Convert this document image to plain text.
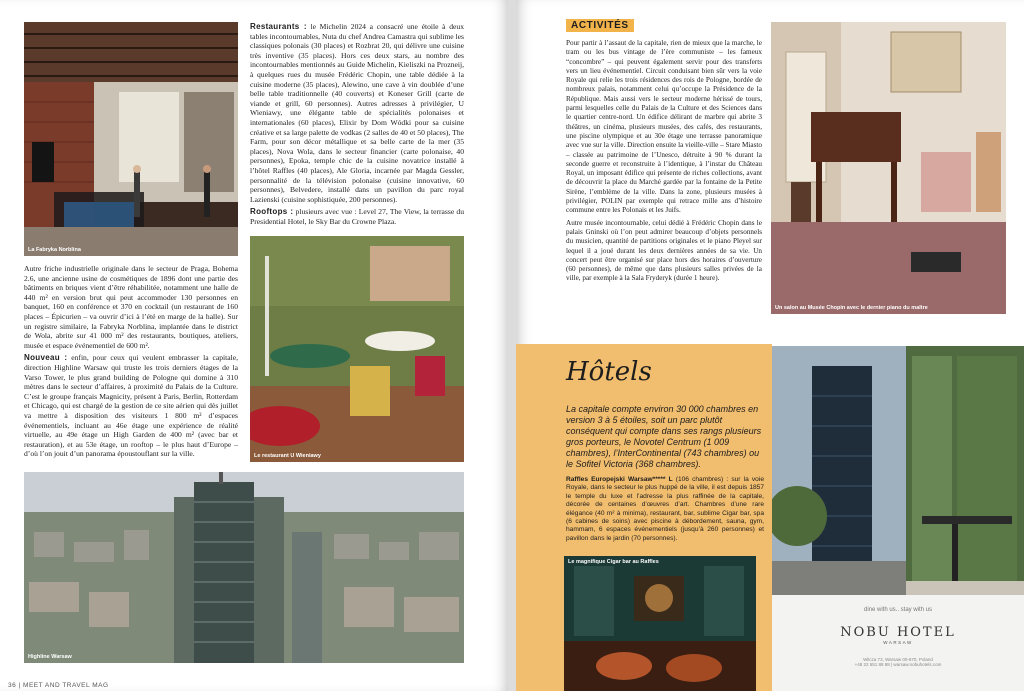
La Fabryka Norblina

Restaurants : le Michelin 2024 a consacré une étoile à deux tables incontournables, Nuta du chef Andrea Camastra qui sublime les classiques polonais (30 places) et Rozbrat 20, qui délivre une cuisine très inventive (35 places). Hors ces deux stars, au nombre des incontournables mentionnés au Guide Michelin, Kieliszki na Prozneij, à quelques rues du musée Frédéric Chopin, une table dédiée à la cuisine moderne (35 places), Alewino, une cave à vin doublée d’une belle table traditionnelle (40 couverts) et Koneser Grill (carte de viande et grill, 60 personnes). Autres adresses à privilégier, U Wieniawy, une élégante table de spécialités polonaises et internationales (60 places), Elixir by Dom Wódki pour sa cuisine créative et sa large palette de vodkas (2 salles de 40 et 50 places), The Farm, pour son décor métallique et sa belle carte de la mer (35 places), Nova Wola, dans le secteur financier (carte polonaise, 40 personnes), Epoka, temple chic de la cuisine novatrice installé à l’hôtel Raffles (40 places), Ale Gloria, incarnée par Magda Gessler, personnalité de la télévision polonaise (cuisine innovative, 60 personnes), Belvedere, installé dans un pavillon du parc royal Lazienski (cuisine sophistiquée, 200 personnes).

Rooftops : plusieurs avec vue : Level 27, The View, la terrasse du Presidential Hotel, le Sky Bar du Crowne Plaza.

Le restaurant U Wieniawy

Autre friche industrielle originale dans le secteur de Praga, Bohema 2.6, une ancienne usine de cosmétiques de 1896 dont une partie des bâtiments en briques vient d’être réhabilitée, notamment une halle de 440 m² en version brut qui peut accommoder 130 personnes en banquet, 160 en conférence et 370 en cocktail (un restaurant de 160 places – Épicurien – va ouvrir d’ici à l’été en marge de la halle). Sur un registre similaire, la Fabryka Norblina, implantée dans le district de Wola, abrite sur 41 000 m² des restaurants, boutiques, ateliers, musée et espace événementiel de 600 m².

Nouveau : enfin, pour ceux qui veulent embrasser la capitale, direction Highline Warsaw qui truste les trois derniers étages de la Varso Tower, le plus grand building de Pologne qui domine à 310 mètres dans le secteur d’affaires, à proximité du Palais de la Culture. C’est le groupe français Magnicity, présent à Paris, Berlin, Rotterdam et Chicago, qui est chargé de la gestion de ce site aérien qui dès juillet va mettre à disposition des visiteurs 1 800 m² d’espaces événementiels, incluant au 46e étage une expérience de réalité virtuelle, au 49e étage un High Garden de 400 m² (avec bar et restauration), et au 53e étage, un rooftop – le plus haut d’Europe – d’où l’on jouit d’un panorama époustouflant sur la ville.

Highline Warsaw
36 | MEET AND TRAVEL MAG
ACTIVITÉS

Pour partir à l’assaut de la capitale, rien de mieux que la marche, le tram ou les bus vintage de l’ère communiste – les fameux “concombre” – qui peuvent également servir pour des transferts vers un lieu événementiel. Circuit conduisant bien sûr vers la voie Royale qui relie les trois résidences des rois de Pologne, bordée de nombreux palais, notamment celui qu’occupe la Présidence de la République. Mais aussi vers le secteur moderne hérissé de tours, parmi lesquelles celle du Palais de la Culture et des Sciences dans le quartier centre-nord. Un édifice délirant de marbre qui abrite 3 théâtres, un cinéma, plusieurs musées, des cafés, des restaurants, une piscine olympique et au 30e étage une terrasse panoramique avec vue sur la ville. Direction ensuite la vieille-ville – Stare Miasto – classée au patrimoine de l’Unesco, détruite à 90 % durant la seconde guerre et reconstruite à l’identique, à l’instar du Château Royal, un imposant édifice qui présente de riches collections, avant de découvrir la place du Marché gardée par la fontaine de la Petite Sirène, l’emblème de la ville. Dans la zone, plusieurs musées à privilégier, POLIN par exemple qui retrace mille ans d’histoire commune entre les Polonais et les Juifs.

Autre musée incontournable, celui dédié à Frédéric Chopin dans le palais Gninski où l’on peut admirer beaucoup d’objets personnels du musicien, quantité de partitions originales et le piano Pleyel sur lequel il a joué durant les deux dernières années de sa vie. Un concert peut être organisé sur place hors des horaires d’ouverture (60 personnes), de même que dans plusieurs salles privées de la ville, par exemple à la Sala Fryderyk (durée 1 heure).

Un salon au Musée Chopin avec le dernier piano du maître
Hôtels
La capitale compte environ 30 000 chambres en version 3 à 5 étoiles, soit un parc plutôt conséquent qui compte dans ses rangs plusieurs gros porteurs, le Novotel Centrum (1 009 chambres), l’InterContinental (743 chambres) ou le Sofitel Victoria (368 chambres).

Raffles Europejski Warsaw***** L (106 chambres) : sur la voie Royale, dans le secteur le plus huppé de la ville, il est depuis 1857 le temple du luxe et l’adresse la plus raffinée de la capitale, décorée de centaines d’œuvres d’art. Chambres d’une rare élégance (40 m² à minima), restaurant, bar, sublime Cigar bar, spa (6 cabines de soins) avec piscine à débordement, sauna, gym, hammam, 6 espaces événementiels (jusqu’à 260 personnes) et pavillon dans le jardin (70 personnes).

Le magnifique Cigar bar au Raffles
dine with us.. stay with us
NOBU HOTEL
WARSAW
Wilcza 73, Warsaw 00-670, Poland
+48 22 551 88 88 | warsaw.nobuhotels.com
